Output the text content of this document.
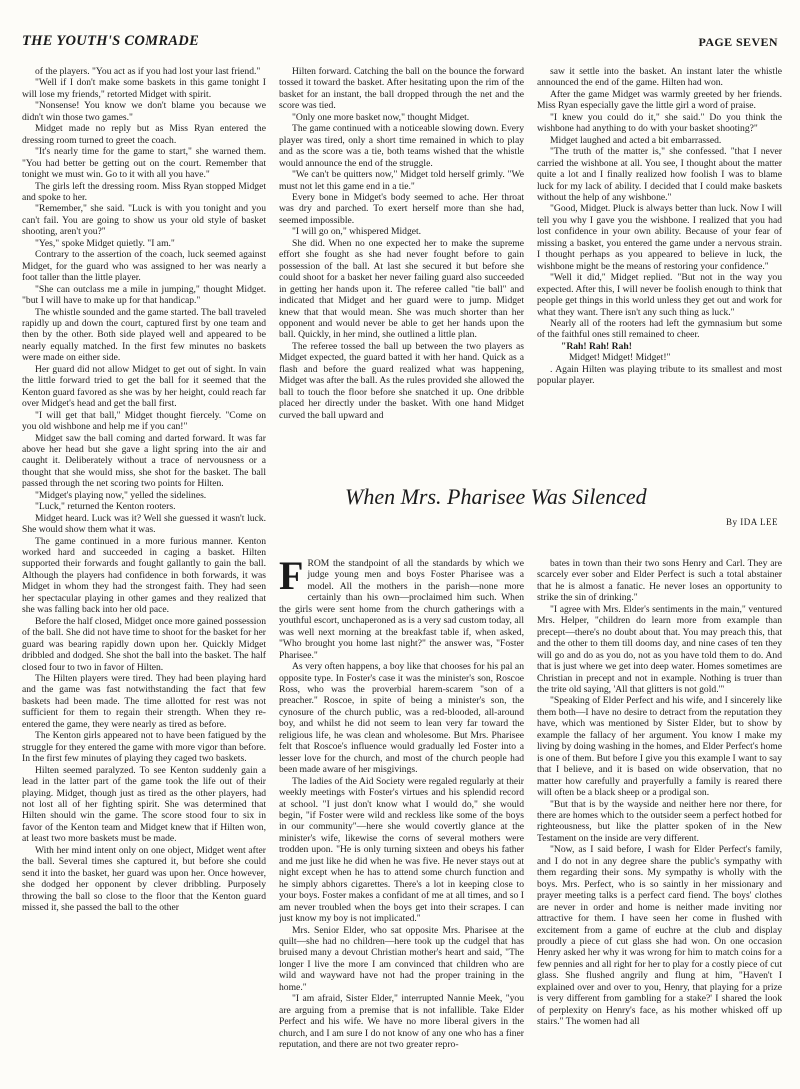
THE YOUTH'S COMRADE	PAGE SEVEN

of the players. "You act as if you had lost your last friend."

"Well if I don't make some baskets in this game tonight I will lose my friends," retorted Midget with spirit.

"Nonsense! You know we don't blame you because we didn't win those two games."

Midget made no reply but as Miss Ryan entered the dressing room turned to greet the coach.

"It's nearly time for the game to start," she warned them. "You had better be getting out on the court. Remember that tonight we must win. Go to it with all you have."

The girls left the dressing room. Miss Ryan stopped Midget and spoke to her.

"Remember," she said. "Luck is with you tonight and you can't fail. You are going to show us your old style of basket shooting, aren't you?"

"Yes," spoke Midget quietly. "I am."

Contrary to the assertion of the coach, luck seemed against Midget, for the guard who was assigned to her was nearly a foot taller than the little player.

"She can outclass me a mile in jumping," thought Midget. "but I will have to make up for that handicap."

The whistle sounded and the game started. The ball traveled rapidly up and down the court, captured first by one team and then by the other. Both side played well and appeared to be nearly equally matched. In the first few minutes no baskets were made on either side.

Her guard did not allow Midget to get out of sight. In vain the little forward tried to get the ball for it seemed that the Kenton guard favored as she was by her height, could reach far over Midget's head and get the ball first.

"I will get that ball," Midget thought fiercely. "Come on you old wishbone and help me if you can!"

Midget saw the ball coming and darted forward. It was far above her head but she gave a light spring into the air and caught it. Deliberately without a trace of nervousness or a thought that she would miss, she shot for the basket. The ball passed through the net scoring two points for Hilten.

"Midget's playing now," yelled the sidelines.

"Luck," returned the Kenton rooters.

Midget heard. Luck was it? Well she guessed it wasn't luck. She would show them what it was.

The game continued in a more furious manner. Kenton worked hard and succeeded in caging a basket. Hilten supported their forwards and fought gallantly to gain the ball. Although the players had confidence in both forwards, it was Midget in whom they had the strongest faith. They had seen her spectacular playing in other games and they realized that she was falling back into her old pace.

Before the half closed, Midget once more gained possession of the ball. She did not have time to shoot for the basket for her guard was bearing rapidly down upon her. Quickly Midget dribbled and dodged. She shot the ball into the basket. The half closed four to two in favor of Hilten.

The Hilten players were tired. They had been playing hard and the game was fast notwithstanding the fact that few baskets had been made. The time allotted for rest was not sufficient for them to regain their strength. When they re-entered the game, they were nearly as tired as before.

The Kenton girls appeared not to have been fatigued by the struggle for they entered the game with more vigor than before. In the first few minutes of playing they caged two baskets.

Hilten seemed paralyzed. To see Kenton suddenly gain a lead in the latter part of the game took the life out of their playing. Midget, though just as tired as the other players, had not lost all of her fighting spirit. She was determined that Hilten should win the game. The score stood four to six in favor of the Kenton team and Midget knew that if Hilten won, at least two more baskets must be made.

With her mind intent only on one object, Midget went after the ball. Several times she captured it, but before she could send it into the basket, her guard was upon her. Once however, she dodged her opponent by clever dribbling. Purposely throwing the ball so close to the floor that the Kenton guard missed it, she passed the ball to the other

Hilten forward. Catching the ball on the bounce the forward tossed it toward the basket. After hesitating upon the rim of the basket for an instant, the ball dropped through the net and the score was tied.

"Only one more basket now," thought Midget.

The game continued with a noticeable slowing down. Every player was tired, only a short time remained in which to play and as the score was a tie, both teams wished that the whistle would announce the end of the struggle.

"We can't be quitters now," Midget told herself grimly. "We must not let this game end in a tie."

Every bone in Midget's body seemed to ache. Her throat was dry and parched. To exert herself more than she had, seemed impossible.

"I will go on," whispered Midget.

She did. When no one expected her to make the supreme effort she fought as she had never fought before to gain possession of the ball. At last she secured it but before she could shoot for a basket her never failing guard also succeeded in getting her hands upon it. The referee called "tie ball" and indicated that Midget and her guard were to jump. Midget knew that that would mean. She was much shorter than her opponent and would never be able to get her hands upon the ball. Quickly, in her mind, she outlined a little plan.

The referee tossed the ball up between the two players as Midget expected, the guard batted it with her hand. Quick as a flash and before the guard realized what was happening, Midget was after the ball. As the rules provided she allowed the ball to touch the floor before she snatched it up. One dribble placed her directly under the basket. With one hand Midget curved the ball upward and

saw it settle into the basket. An instant later the whistle announced the end of the game. Hilten had won.

After the game Midget was warmly greeted by her friends. Miss Ryan especially gave the little girl a word of praise.

"I knew you could do it," she said." Do you think the wishbone had anything to do with your basket shooting?"

Midget laughed and acted a bit embarrassed.

"The truth of the matter is," she confessed. "that I never carried the wishbone at all. You see, I thought about the matter quite a lot and I finally realized how foolish I was to blame luck for my lack of ability. I decided that I could make baskets without the help of any wishbone."

"Good, Midget. Pluck is always better than luck. Now I will tell you why I gave you the wishbone. I realized that you had lost confidence in your own ability. Because of your fear of missing a basket, you entered the game under a nervous strain. I thought perhaps as you appeared to believe in luck, the wishbone might be the means of restoring your confidence."

"Well it did," Midget replied. "But not in the way you expected. After this, I will never be foolish enough to think that people get things in this world unless they get out and work for what they want. There isn't any such thing as luck."

Nearly all of the rooters had left the gymnasium but some of the faithful ones still remained to cheer.

"Rah! Rah! Rah!

Midget! Midget! Midget!"

. Again Hilten was playing tribute to its smallest and most popular player.

When Mrs. Pharisee Was Silenced
By IDA LEE
F ROM the standpoint of all the standards by which we judge young men and boys Foster Pharisee was a model. All the mothers in the parish—none more certainly than his own—proclaimed him such. When the girls were sent home from the church gatherings with a youthful escort, unchaperoned as is a very sad custom today, all was well next morning at the breakfast table if, when asked, "Who brought you home last night?" the answer was, "Foster Pharisee."

As very often happens, a boy like that chooses for his pal an opposite type. In Foster's case it was the minister's son, Roscoe Ross, who was the proverbial harem-scarem "son of a preacher." Roscoe, in spite of being a minister's son, the cynosure of the church public, was a red-blooded, all-around boy, and whilst he did not seem to lean very far toward the religious life, he was clean and wholesome. But Mrs. Pharisee felt that Roscoe's influence would gradually led Foster into a lesser love for the church, and most of the church people had been made aware of her misgivings.

The ladies of the Aid Society were regaled regularly at their weekly meetings with Foster's virtues and his splendid record at school. "I just don't know what I would do," she would begin, "if Foster were wild and reckless like some of the boys in our community"—here she would covertly glance at the minister's wife, likewise the corns of several mothers were trodden upon. "He is only turning sixteen and obeys his father and me just like he did when he was five. He never stays out at night except when he has to attend some church function and he simply abhors cigarettes. There's a lot in keeping close to your boys. Foster makes a confidant of me at all times, and so I am never troubled when the boys get into their scrapes. I can just know my boy is not implicated."

Mrs. Senior Elder, who sat opposite Mrs. Pharisee at the quilt—she had no children—here took up the cudgel that has bruised many a devout Christian mother's heart and said, "The longer I live the more I am convinced that children who are wild and wayward have not had the proper training in the home."

"I am afraid, Sister Elder," interrupted Nannie Meek, "you are arguing from a premise that is not infallible. Take Elder Perfect and his wife. We have no more liberal givers in the church, and I am sure I do not know of any one who has a finer reputation, and there are not two greater repro-

bates in town than their two sons Henry and Carl. They are scarcely ever sober and Elder Perfect is such a total abstainer that he is almost a fanatic. He never loses an opportunity to strike the sin of drinking."

"I agree with Mrs. Elder's sentiments in the main," ventured Mrs. Helper, "children do learn more from example than precept—there's no doubt about that. You may preach this, that and the other to them till dooms day, and nine cases of ten they will go and do as you do, not as you have told them to do. And that is just where we get into deep water. Homes sometimes are Christian in precept and not in example. Nothing is truer than the trite old saying, 'All that glitters is not gold.'"

"Speaking of Elder Perfect and his wife, and I sincerely like them both—I have no desire to detract from the reputation they have, which was mentioned by Sister Elder, but to show by example the fallacy of her argument. You know I make my living by doing washing in the homes, and Elder Perfect's home is one of them. But before I give you this example I want to say that I believe, and it is based on wide observation, that no matter how carefully and prayerfully a family is reared there will often be a black sheep or a prodigal son.

"But that is by the wayside and neither here nor there, for there are homes which to the outsider seem a perfect hotbed for righteousness, but like the platter spoken of in the New Testament on the inside are very different.

"Now, as I said before, I wash for Elder Perfect's family, and I do not in any degree share the public's sympathy with them regarding their sons. My sympathy is wholly with the boys. Mrs. Perfect, who is so saintly in her missionary and prayer meeting talks is a perfect card fiend. The boys' clothes are never in order and home is neither made inviting nor attractive for them. I have seen her come in flushed with excitement from a game of euchre at the club and display proudly a piece of cut glass she had won. On one occasion Henry asked her why it was wrong for him to match coins for a few pennies and all right for her to play for a costly piece of cut glass. She flushed angrily and flung at him, "Haven't I explained over and over to you, Henry, that playing for a prize is very different from gambling for a stake?' I shared the look of perplexity on Henry's face, as his mother whisked off up stairs." The women had all
